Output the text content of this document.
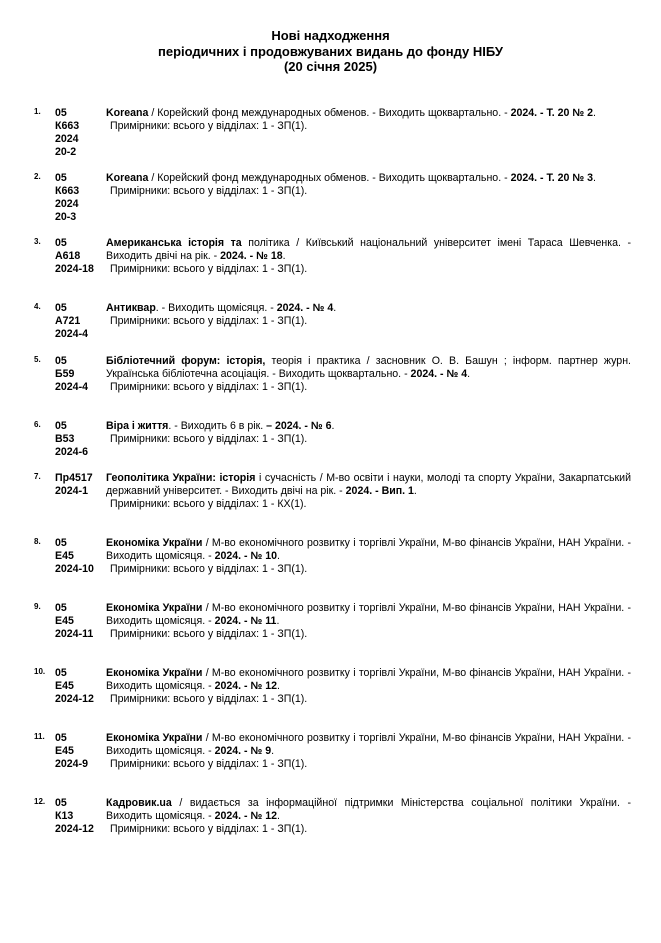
Нові надходження
періодичних і продовжуваних видань до фонду НІБУ
(20 січня 2025)
1. 05
К663
2024
20-2
Koreana / Корейский фонд международных обменов. - Виходить щоквартально. - 2024. - Т. 20 № 2.
Примірники: всього у відділах: 1 - ЗП(1).
2. 05
К663
2024
20-3
Koreana / Корейский фонд международных обменов. - Виходить щоквартально. - 2024. - Т. 20 № 3.
Примірники: всього у відділах: 1 - ЗП(1).
3. 05
А618
2024-18
Американська історія та політика / Київський національний університет імені Тараса Шевченка. - Виходить двічі на рік. - 2024. - № 18.
Примірники: всього у відділах: 1 - ЗП(1).
4. 05
А721
2024-4
Антиквар. - Виходить щомісяця. - 2024. - № 4.
Примірники: всього у відділах: 1 - ЗП(1).
5. 05
Б59
2024-4
Бібліотечний форум: історія, теорія і практика / засновник О. В. Башун ; інформ. партнер журн. Українська бібліотечна асоціація. - Виходить щоквартально. - 2024. - № 4.
Примірники: всього у відділах: 1 - ЗП(1).
6. 05
В53
2024-6
Віра і життя. - Виходить 6 в рік. – 2024. - № 6.
Примірники: всього у відділах: 1 - ЗП(1).
7. Пр4517
2024-1
Геополітика України: історія і сучасність / М-во освіти і науки, молоді та спорту України, Закарпатський державний університет. - Виходить двічі на рік. - 2024. - Вип. 1.
Примірники: всього у відділах: 1 - КХ(1).
8. 05
Е45
2024-10
Економіка України / М-во економічного розвитку і торгівлі України, М-во фінансів України, НАН України. - Виходить щомісяця. - 2024. - № 10.
Примірники: всього у відділах: 1 - ЗП(1).
9. 05
Е45
2024-11
Економіка України / М-во економічного розвитку і торгівлі України, М-во фінансів України, НАН України. - Виходить щомісяця. - 2024. - № 11.
Примірники: всього у відділах: 1 - ЗП(1).
10. 05
Е45
2024-12
Економіка України / М-во економічного розвитку і торгівлі України, М-во фінансів України, НАН України. - Виходить щомісяця. - 2024. - № 12.
Примірники: всього у відділах: 1 - ЗП(1).
11. 05
Е45
2024-9
Економіка України / М-во економічного розвитку і торгівлі України, М-во фінансів України, НАН України. - Виходить щомісяця. - 2024. - № 9.
Примірники: всього у відділах: 1 - ЗП(1).
12. 05
К13
2024-12
Кадровик.ua / видається за інформаційної підтримки Міністерства соціальної політики України. - Виходить щомісяця. - 2024. - № 12.
Примірники: всього у відділах: 1 - ЗП(1).
